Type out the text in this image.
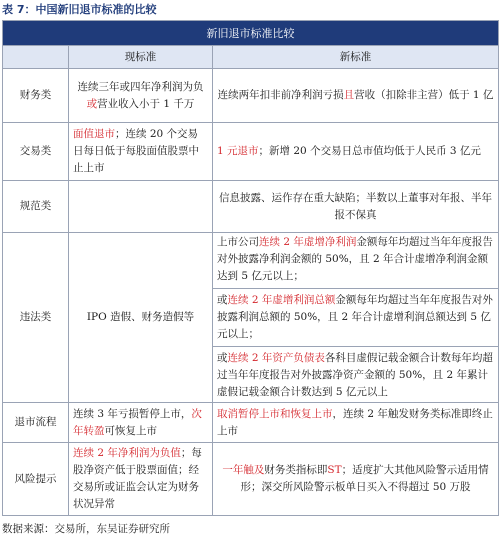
表 7：中国新旧退市标准的比较
新旧退市标准比较		
	现标准	新标准
财务类	连续三年或四年净利润为负或营业收入小于 1 千万	连续两年扣非前净利润亏损且营收（扣除非主营）低于 1 亿
交易类	面值退市；连续 20 个交易日每日低于每股面值股票中止上市	1 元退市；新增 20 个交易日总市值均低于人民币 3 亿元
规范类		信息披露、运作存在重大缺陷；半数以上董事对年报、半年报不保真
违法类	IPO 造假、财务造假等	上市公司连续 2 年虚增净利润金额每年均超过当年年度报告对外披露净利润金额的 50%，且 2 年合计虚增净利润金额达到 5 亿元以上；
或连续 2 年虚增利润总额金额每年均超过当年年度报告对外披露利润总额的 50%，且 2 年合计虚增利润总额达到 5 亿元以上；
或连续 2 年资产负债表各科目虚假记载金额合计数每年均超过当年年度报告对外披露净资产金额的 50%，且 2 年累计虚假记载金额合计数达到 5 亿元以上

退市流程	连续 3 年亏损暂停上市，次年转盈可恢复上市	取消暂停上市和恢复上市，连续 2 年触发财务类标准即终止上市
风险提示	连续 2 年净利润为负值；每股净资产低于股票面值；经交易所或证监会认定为财务状况异常	一年触及财务类指标即ST；适度扩大其他风险警示适用情形；深交所风险警示板单日买入不得超过 50 万股
数据来源：交易所，东吴证券研究所
